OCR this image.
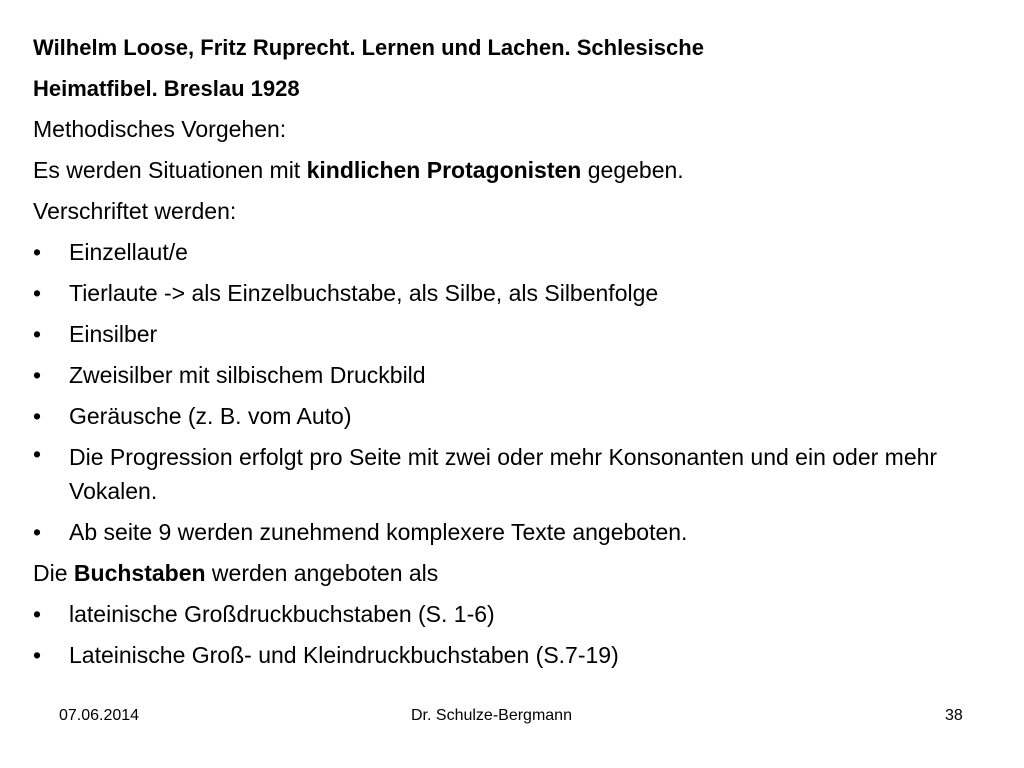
Wilhelm Loose, Fritz Ruprecht. Lernen und Lachen. Schlesische

Heimatfibel. Breslau 1928

Methodisches Vorgehen:

Es werden Situationen mit kindlichen Protagonisten gegeben.

Verschriftet werden:

•	Einzellaut/e
•	Tierlaute -> als Einzelbuchstabe, als Silbe, als Silbenfolge
•	Einsilber
•	Zweisilber mit silbischem Druckbild
•	Geräusche (z. B. vom Auto)
•	Die Progression erfolgt pro Seite mit zwei oder mehr Konsonanten und ein oder mehr Vokalen.
•	Ab seite 9 werden zunehmend komplexere Texte angeboten.

Die Buchstaben werden angeboten als

•	lateinische Großdruckbuchstaben (S. 1-6)
•	Lateinische Groß- und Kleindruckbuchstaben (S.7-19)
07.06.2014	Dr. Schulze-Bergmann	38
